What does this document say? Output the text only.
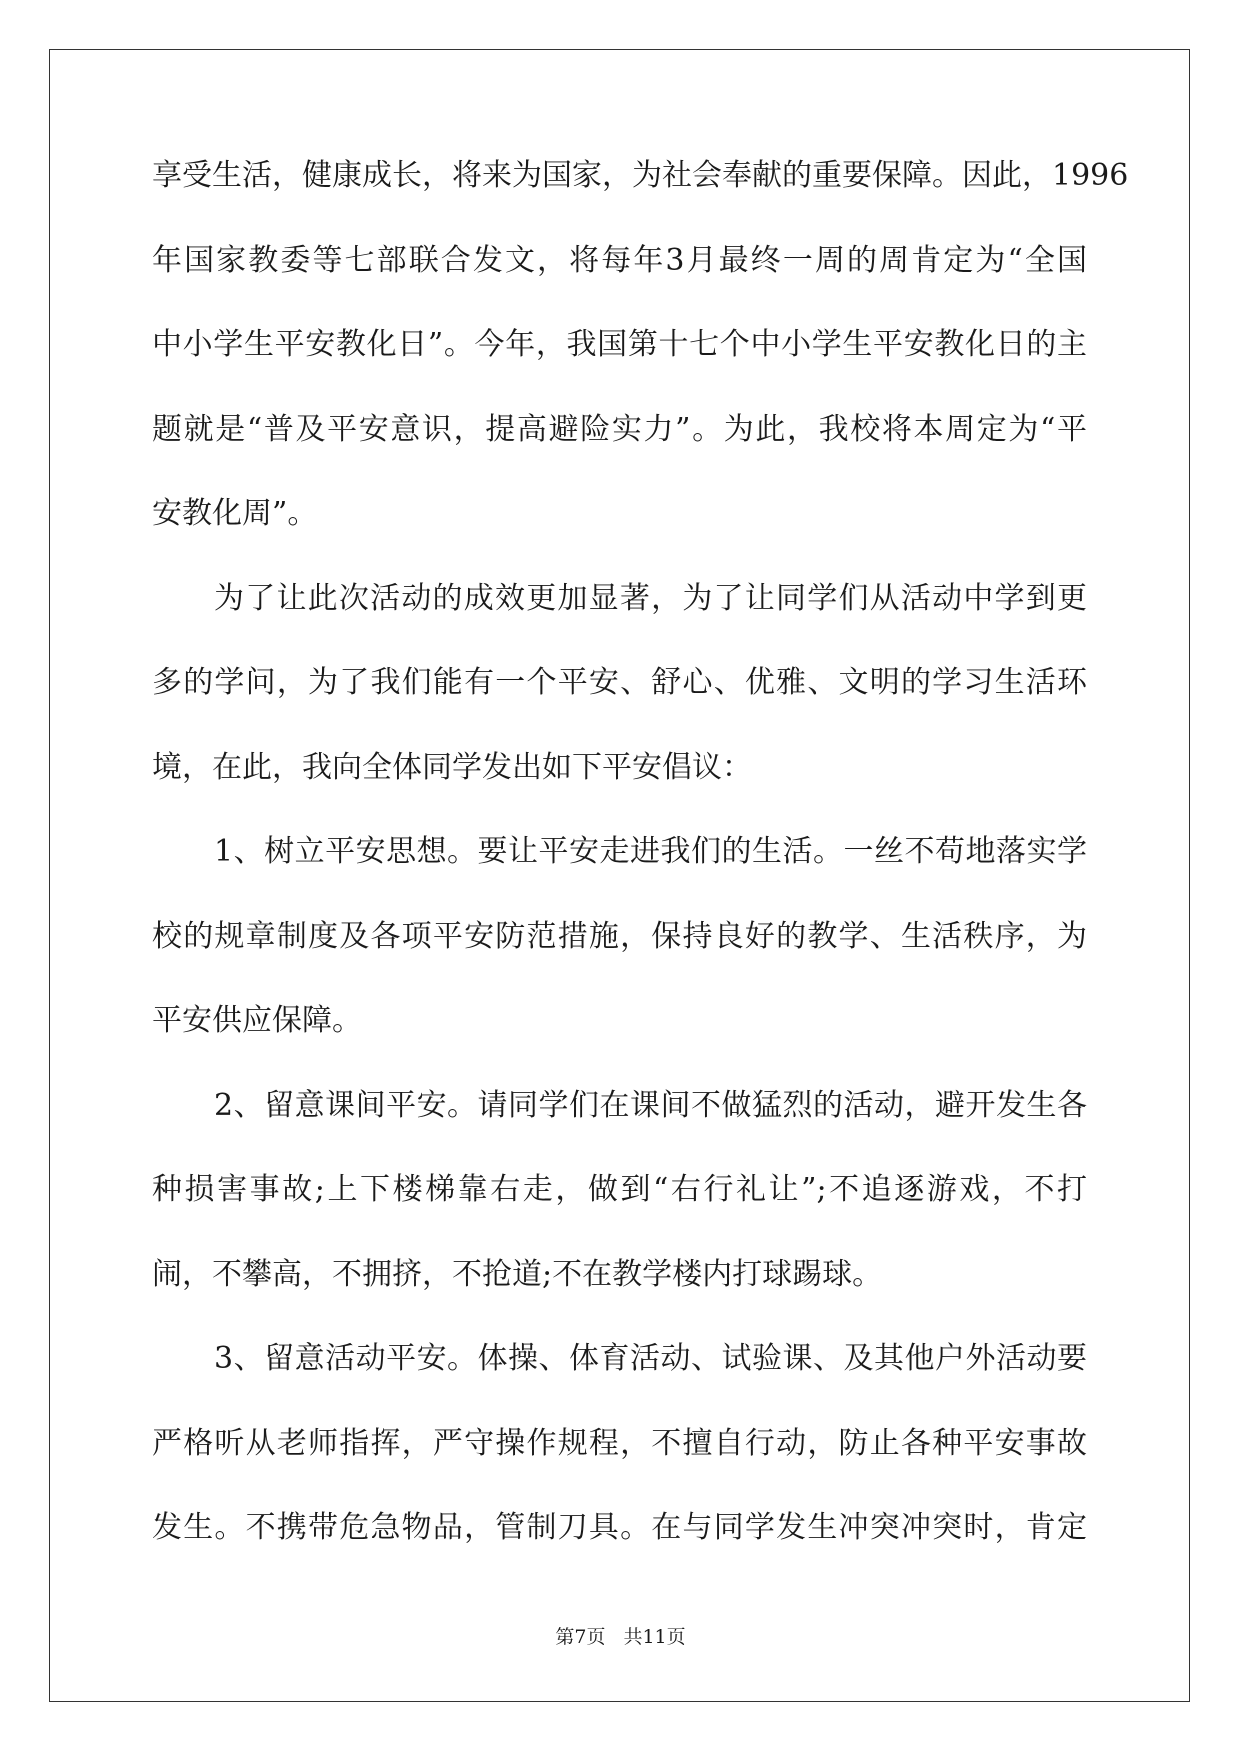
享受生活，健康成长，将来为国家，为社会奉献的重要保障。因此，1996
年国家教委等七部联合发文，将每年3月最终一周的周肯定为“全国
中小学生平安教化日”。今年，我国第十七个中小学生平安教化日的主
题就是“普及平安意识，提高避险实力”。为此，我校将本周定为“平
安教化周”。
为了让此次活动的成效更加显著，为了让同学们从活动中学到更
多的学问，为了我们能有一个平安、舒心、优雅、文明的学习生活环
境，在此，我向全体同学发出如下平安倡议：
1、树立平安思想。要让平安走进我们的生活。一丝不苟地落实学
校的规章制度及各项平安防范措施，保持良好的教学、生活秩序，为
平安供应保障。
2、留意课间平安。请同学们在课间不做猛烈的活动，避开发生各
种损害事故;上下楼梯靠右走，做到“右行礼让”;不追逐游戏，不打
闹，不攀高，不拥挤，不抢道;不在教学楼内打球踢球。
3、留意活动平安。体操、体育活动、试验课、及其他户外活动要
严格听从老师指挥，严守操作规程，不擅自行动，防止各种平安事故
发生。不携带危急物品，管制刀具。在与同学发生冲突冲突时，肯定
第7页 共11页
